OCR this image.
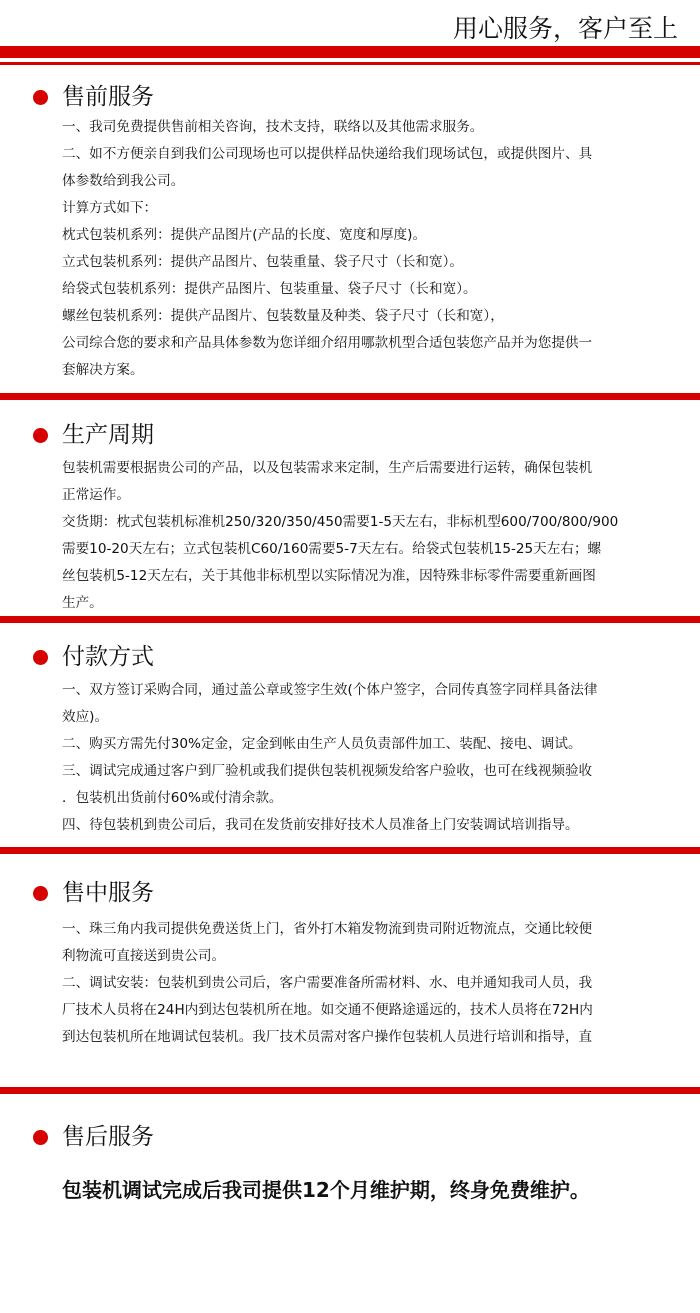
用心服务，客户至上
售前服务
一、我司免费提供售前相关咨询，技术支持，联络以及其他需求服务。
二、如不方便亲自到我们公司现场也可以提供样品快递给我们现场试包，或提供图片、具
体参数给到我公司。
计算方式如下：
枕式包装机系列：提供产品图片(产品的长度、宽度和厚度)。
立式包装机系列：提供产品图片、包装重量、袋子尺寸（长和宽）。
给袋式包装机系列：提供产品图片、包装重量、袋子尺寸（长和宽）。
螺丝包装机系列：提供产品图片、包装数量及种类、袋子尺寸（长和宽），
公司综合您的要求和产品具体参数为您详细介绍用哪款机型合适包装您产品并为您提供一
套解决方案。
生产周期
包装机需要根据贵公司的产品，以及包装需求来定制，生产后需要进行运转，确保包装机
正常运作。
交货期：枕式包装机标准机250/320/350/450需要1-5天左右，非标机型600/700/800/900
需要10-20天左右；立式包装机C60/160需要5-7天左右。给袋式包装机15-25天左右；螺
丝包装机5-12天左右，关于其他非标机型以实际情况为准，因特殊非标零件需要重新画图
生产。
付款方式
一、双方签订采购合同，通过盖公章或签字生效(个体户签字，合同传真签字同样具备法律
效应)。
二、购买方需先付30%定金，定金到帐由生产人员负责部件加工、装配、接电、调试。
三、调试完成通过客户到厂验机或我们提供包装机视频发给客户验收，也可在线视频验收
．包装机出货前付60%或付清余款。
四、待包装机到贵公司后，我司在发货前安排好技术人员准备上门安装调试培训指导。
售中服务
一、珠三角内我司提供免费送货上门，省外打木箱发物流到贵司附近物流点，交通比较便
利物流可直接送到贵公司。
二、调试安装：包装机到贵公司后，客户需要准备所需材料、水、电并通知我司人员，我
厂技术人员将在24H内到达包装机所在地。如交通不便路途遥远的，技术人员将在72H内
到达包装机所在地调试包装机。我厂技术员需对客户操作包装机人员进行培训和指导，直
售后服务
包装机调试完成后我司提供12个月维护期，终身免费维护。
